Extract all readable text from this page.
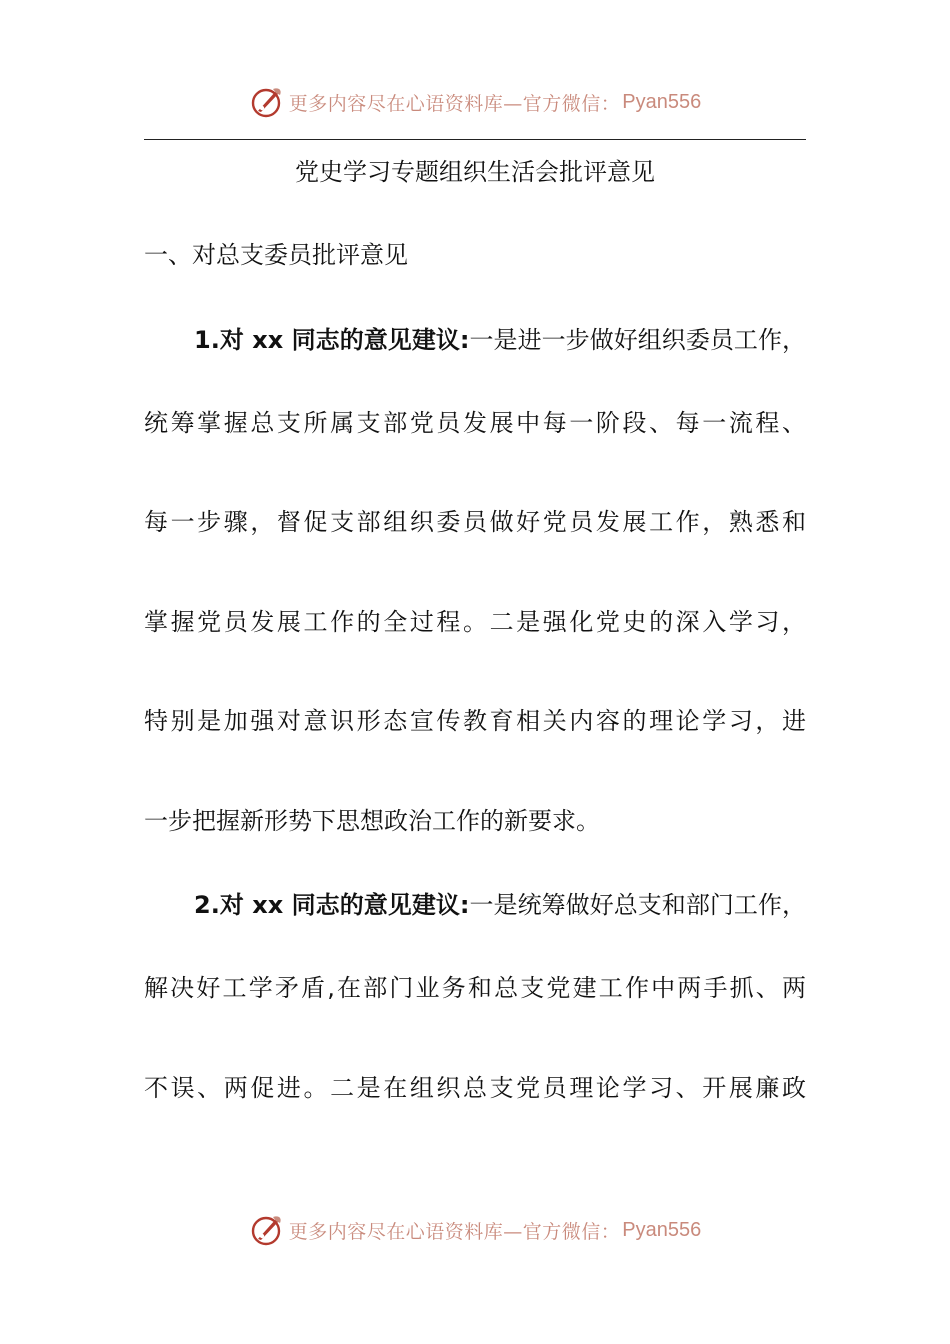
更多内容尽在心语资料库—官方微信： Pyan556
党史学习专题组织生活会批评意见
一、对总支委员批评意见
1.对 xx 同志的意见建议:一是进一步做好组织委员工作，
统筹掌握总支所属支部党员发展中每一阶段、每一流程、
每一步骤，督促支部组织委员做好党员发展工作，熟悉和
掌握党员发展工作的全过程。二是强化党史的深入学习，
特别是加强对意识形态宣传教育相关内容的理论学习，进
一步把握新形势下思想政治工作的新要求。
2.对 xx 同志的意见建议:一是统筹做好总支和部门工作，
解决好工学矛盾,在部门业务和总支党建工作中两手抓、两
不误、两促进。二是在组织总支党员理论学习、开展廉政
更多内容尽在心语资料库—官方微信： Pyan556
